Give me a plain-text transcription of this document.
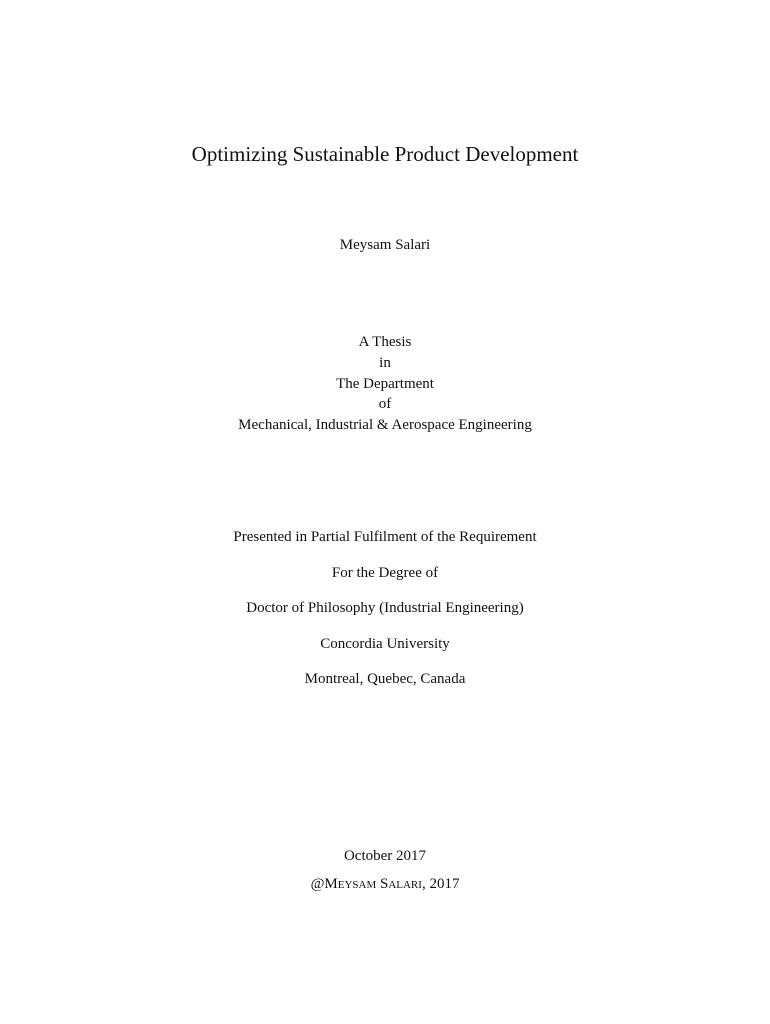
Optimizing Sustainable Product Development
Meysam Salari
A Thesis
in
The Department
of
Mechanical, Industrial & Aerospace Engineering
Presented in Partial Fulfilment of the Requirement
For the Degree of
Doctor of Philosophy (Industrial Engineering)
Concordia University
Montreal, Quebec, Canada
October 2017
@Meysam Salari, 2017
